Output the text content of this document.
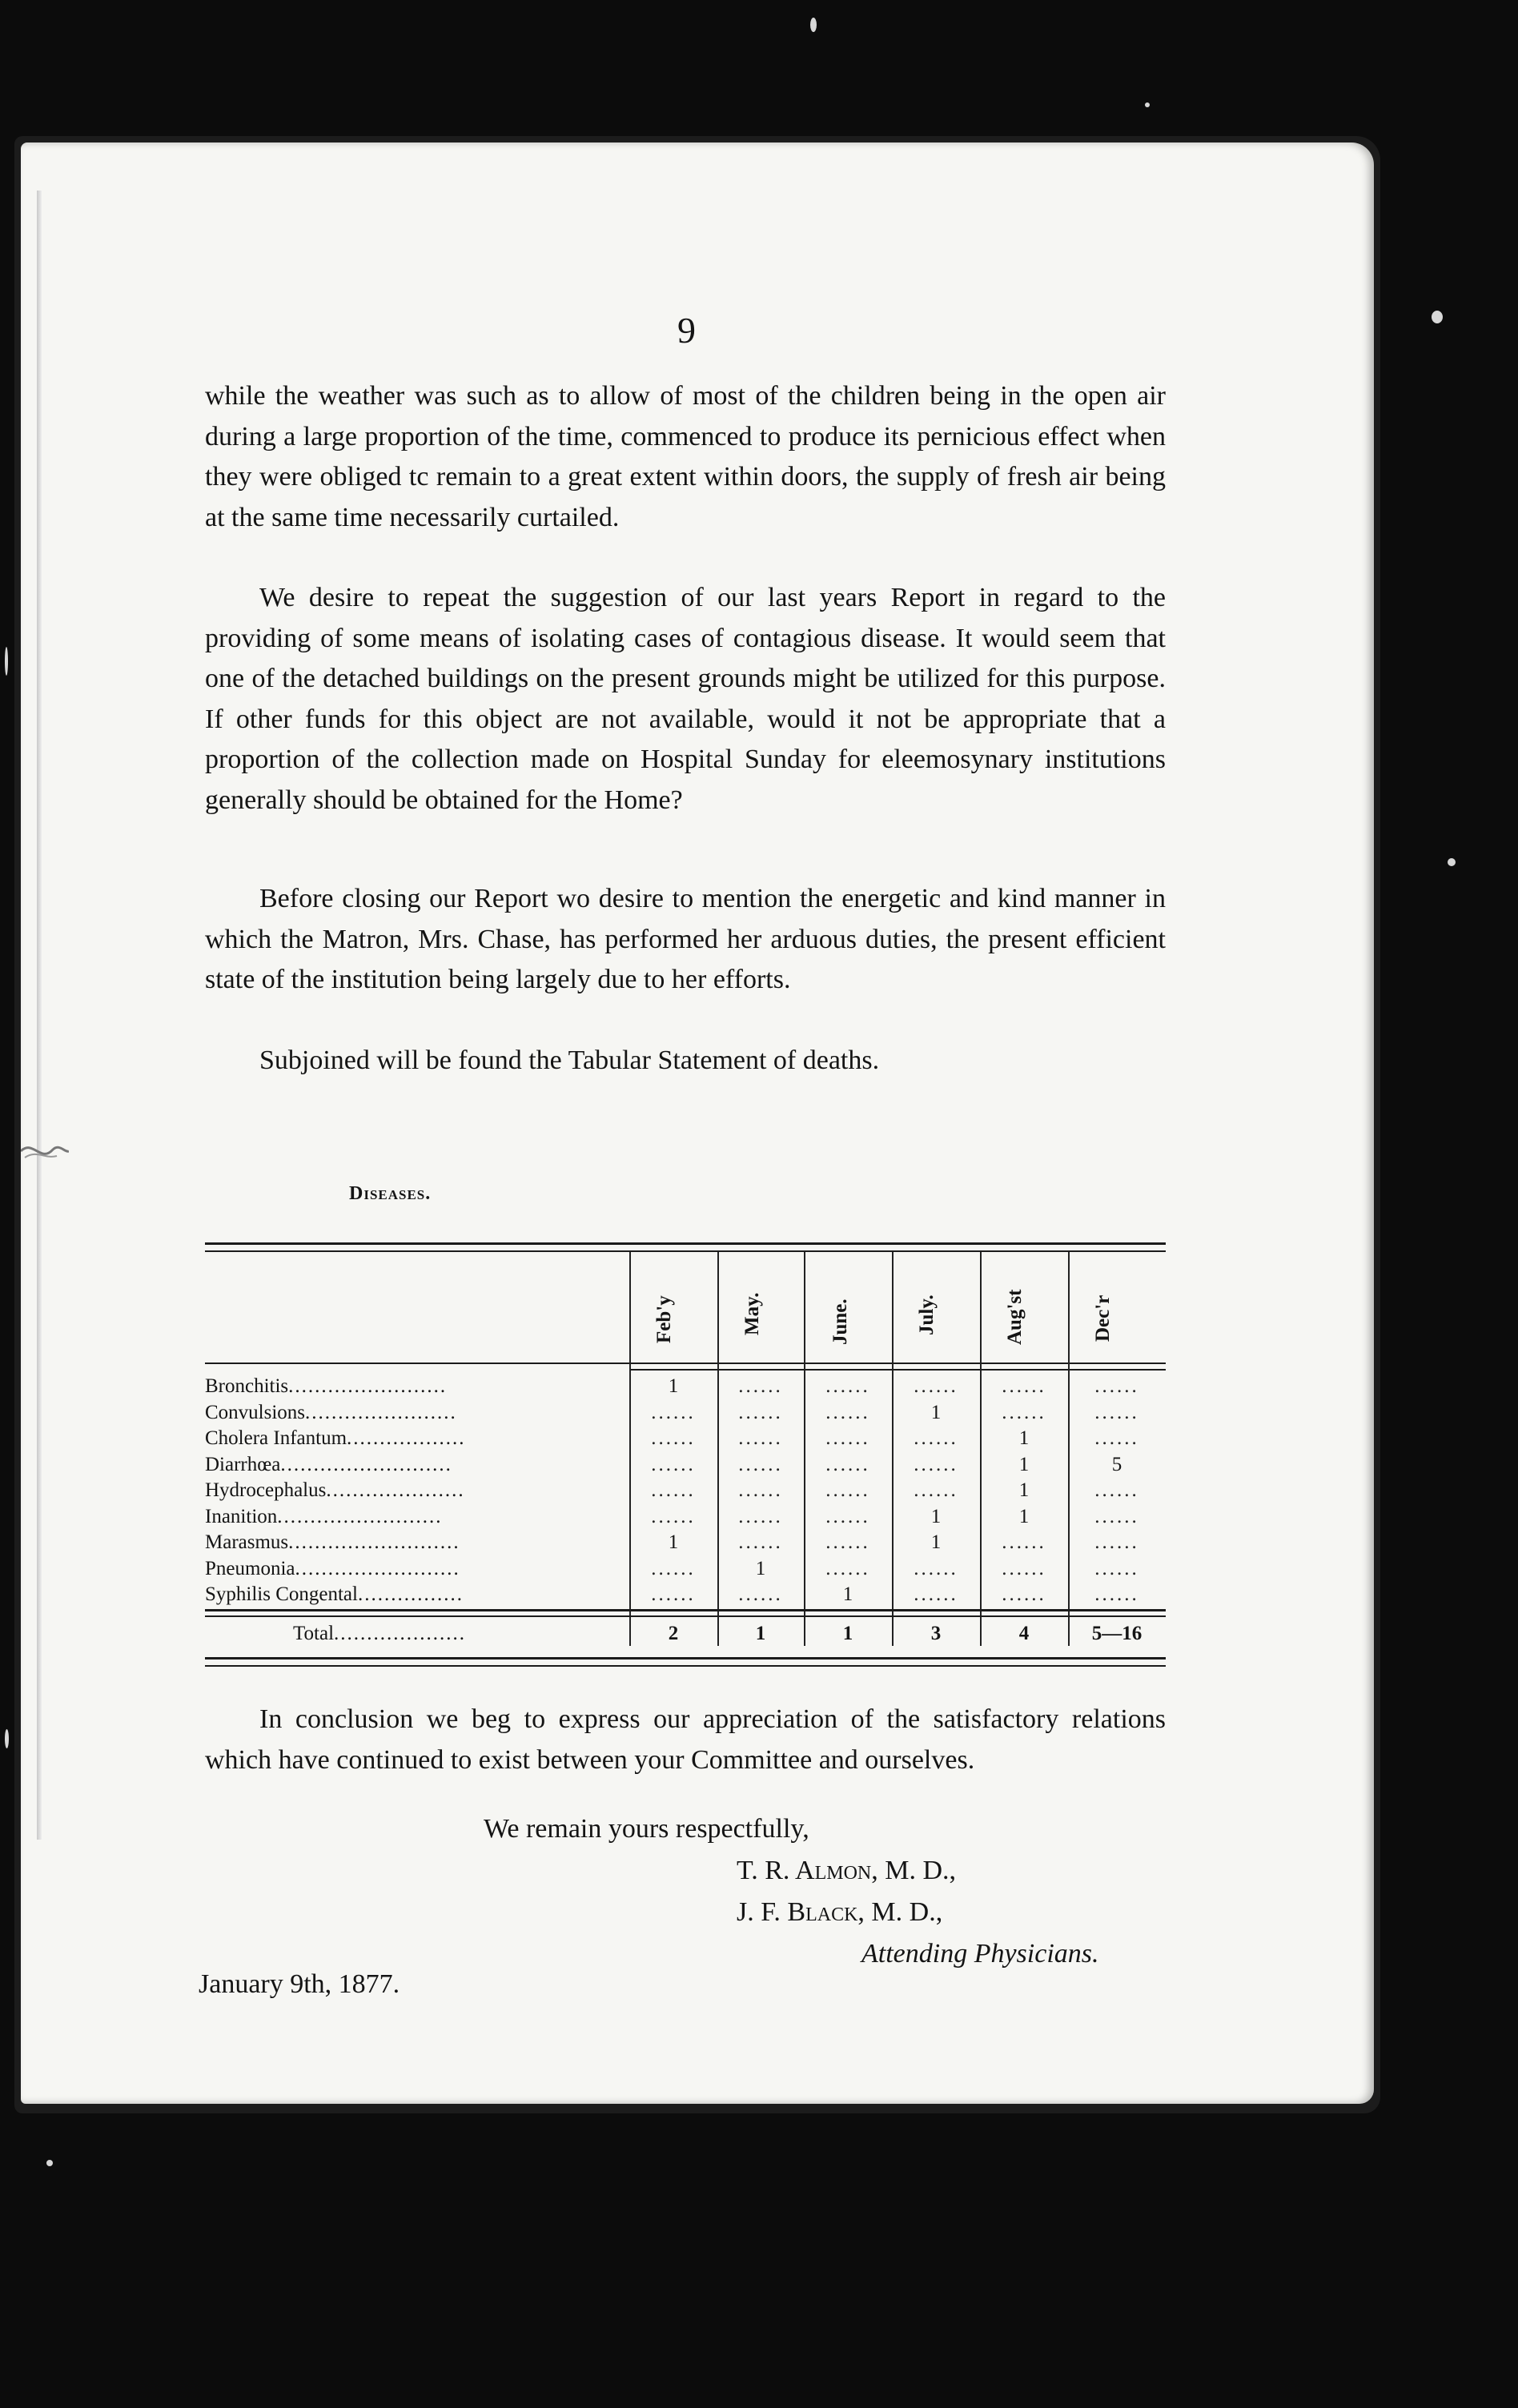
9
while the weather was such as to allow of most of the children being in the open air during a large proportion of the time, commenced to produce its pernicious effect when they were obliged tc remain to a great extent within doors, the supply of fresh air being at the same time necessarily curtailed.
We desire to repeat the suggestion of our last years Report in regard to the providing of some means of isolating cases of contagious disease. It would seem that one of the detached buildings on the present grounds might be utilized for this purpose. If other funds for this object are not available, would it not be appropriate that a proportion of the collection made on Hospital Sunday for eleemosynary institutions generally should be obtained for the Home?
Before closing our Report wo desire to mention the energetic and kind manner in which the Matron, Mrs. Chase, has performed her arduous duties, the present efficient state of the institution being largely due to her efforts.
Subjoined will be found the Tabular Statement of deaths.
Diseases.
Feb'y	May.	June.	July.	Aug'st	Dec'r
Bronchitis........................	1	......	......	......	......	......
Convulsions.......................	......	......	......	1	......	......
Cholera Infantum..................	......	......	......	......	1	......
Diarrhœa..........................	......	......	......	......	1	5
Hydrocephalus.....................	......	......	......	......	1	......
Inanition.........................	......	......	......	1	1	......
Marasmus..........................	1	......	......	1	......	......
Pneumonia.........................	......	1	......	......	......	......
Syphilis Congental................	......	......	1	......	......	......
Total....................	2	1	1	3	4	5—16
In conclusion we beg to express our appreciation of the satisfactory relations which have continued to exist between your Committee and ourselves.
We remain yours respectfully,
T. R. Almon, M. D.,
J. F. Black, M. D.,
Attending Physicians.
January 9th, 1877.
